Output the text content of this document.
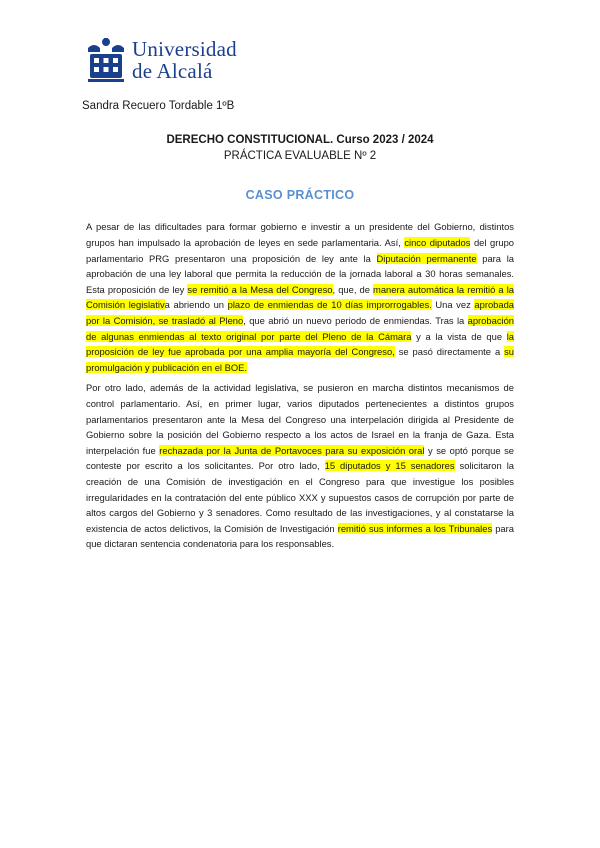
Universidad
de Alcalá
Sandra Recuero Tordable 1ºB
DERECHO CONSTITUCIONAL. Curso 2023 / 2024
PRÁCTICA EVALUABLE Nº 2
CASO PRÁCTICO

A pesar de las dificultades para formar gobierno e investir a un presidente del Gobierno, distintos grupos han impulsado la aprobación de leyes en sede parlamentaria. Así, cinco diputados del grupo parlamentario PRG presentaron una proposición de ley ante la Diputación permanente para la aprobación de una ley laboral que permita la reducción de la jornada laboral a 30 horas semanales. Esta proposición de ley se remitió a la Mesa del Congreso, que, de manera automática la remitió a la Comisión legislativa abriendo un plazo de enmiendas de 10 días improrrogables. Una vez aprobada por la Comisión, se trasladó al Pleno, que abrió un nuevo periodo de enmiendas. Tras la aprobación de algunas enmiendas al texto original por parte del Pleno de la Cámara y a la vista de que la proposición de ley fue aprobada por una amplia mayoría del Congreso, se pasó directamente a su promulgación y publicación en el BOE.

Por otro lado, además de la actividad legislativa, se pusieron en marcha distintos mecanismos de control parlamentario. Así, en primer lugar, varios diputados pertenecientes a distintos grupos parlamentarios presentaron ante la Mesa del Congreso una interpelación dirigida al Presidente de Gobierno sobre la posición del Gobierno respecto a los actos de Israel en la franja de Gaza. Esta interpelación fue rechazada por la Junta de Portavoces para su exposición oral y se optó porque se conteste por escrito a los solicitantes. Por otro lado, 15 diputados y 15 senadores solicitaron la creación de una Comisión de investigación en el Congreso para que investigue los posibles irregularidades en la contratación del ente público XXX y supuestos casos de corrupción por parte de altos cargos del Gobierno y 3 senadores. Como resultado de las investigaciones, y al constatarse la existencia de actos delictivos, la Comisión de Investigación remitió sus informes a los Tribunales para que dictaran sentencia condenatoria para los responsables.
